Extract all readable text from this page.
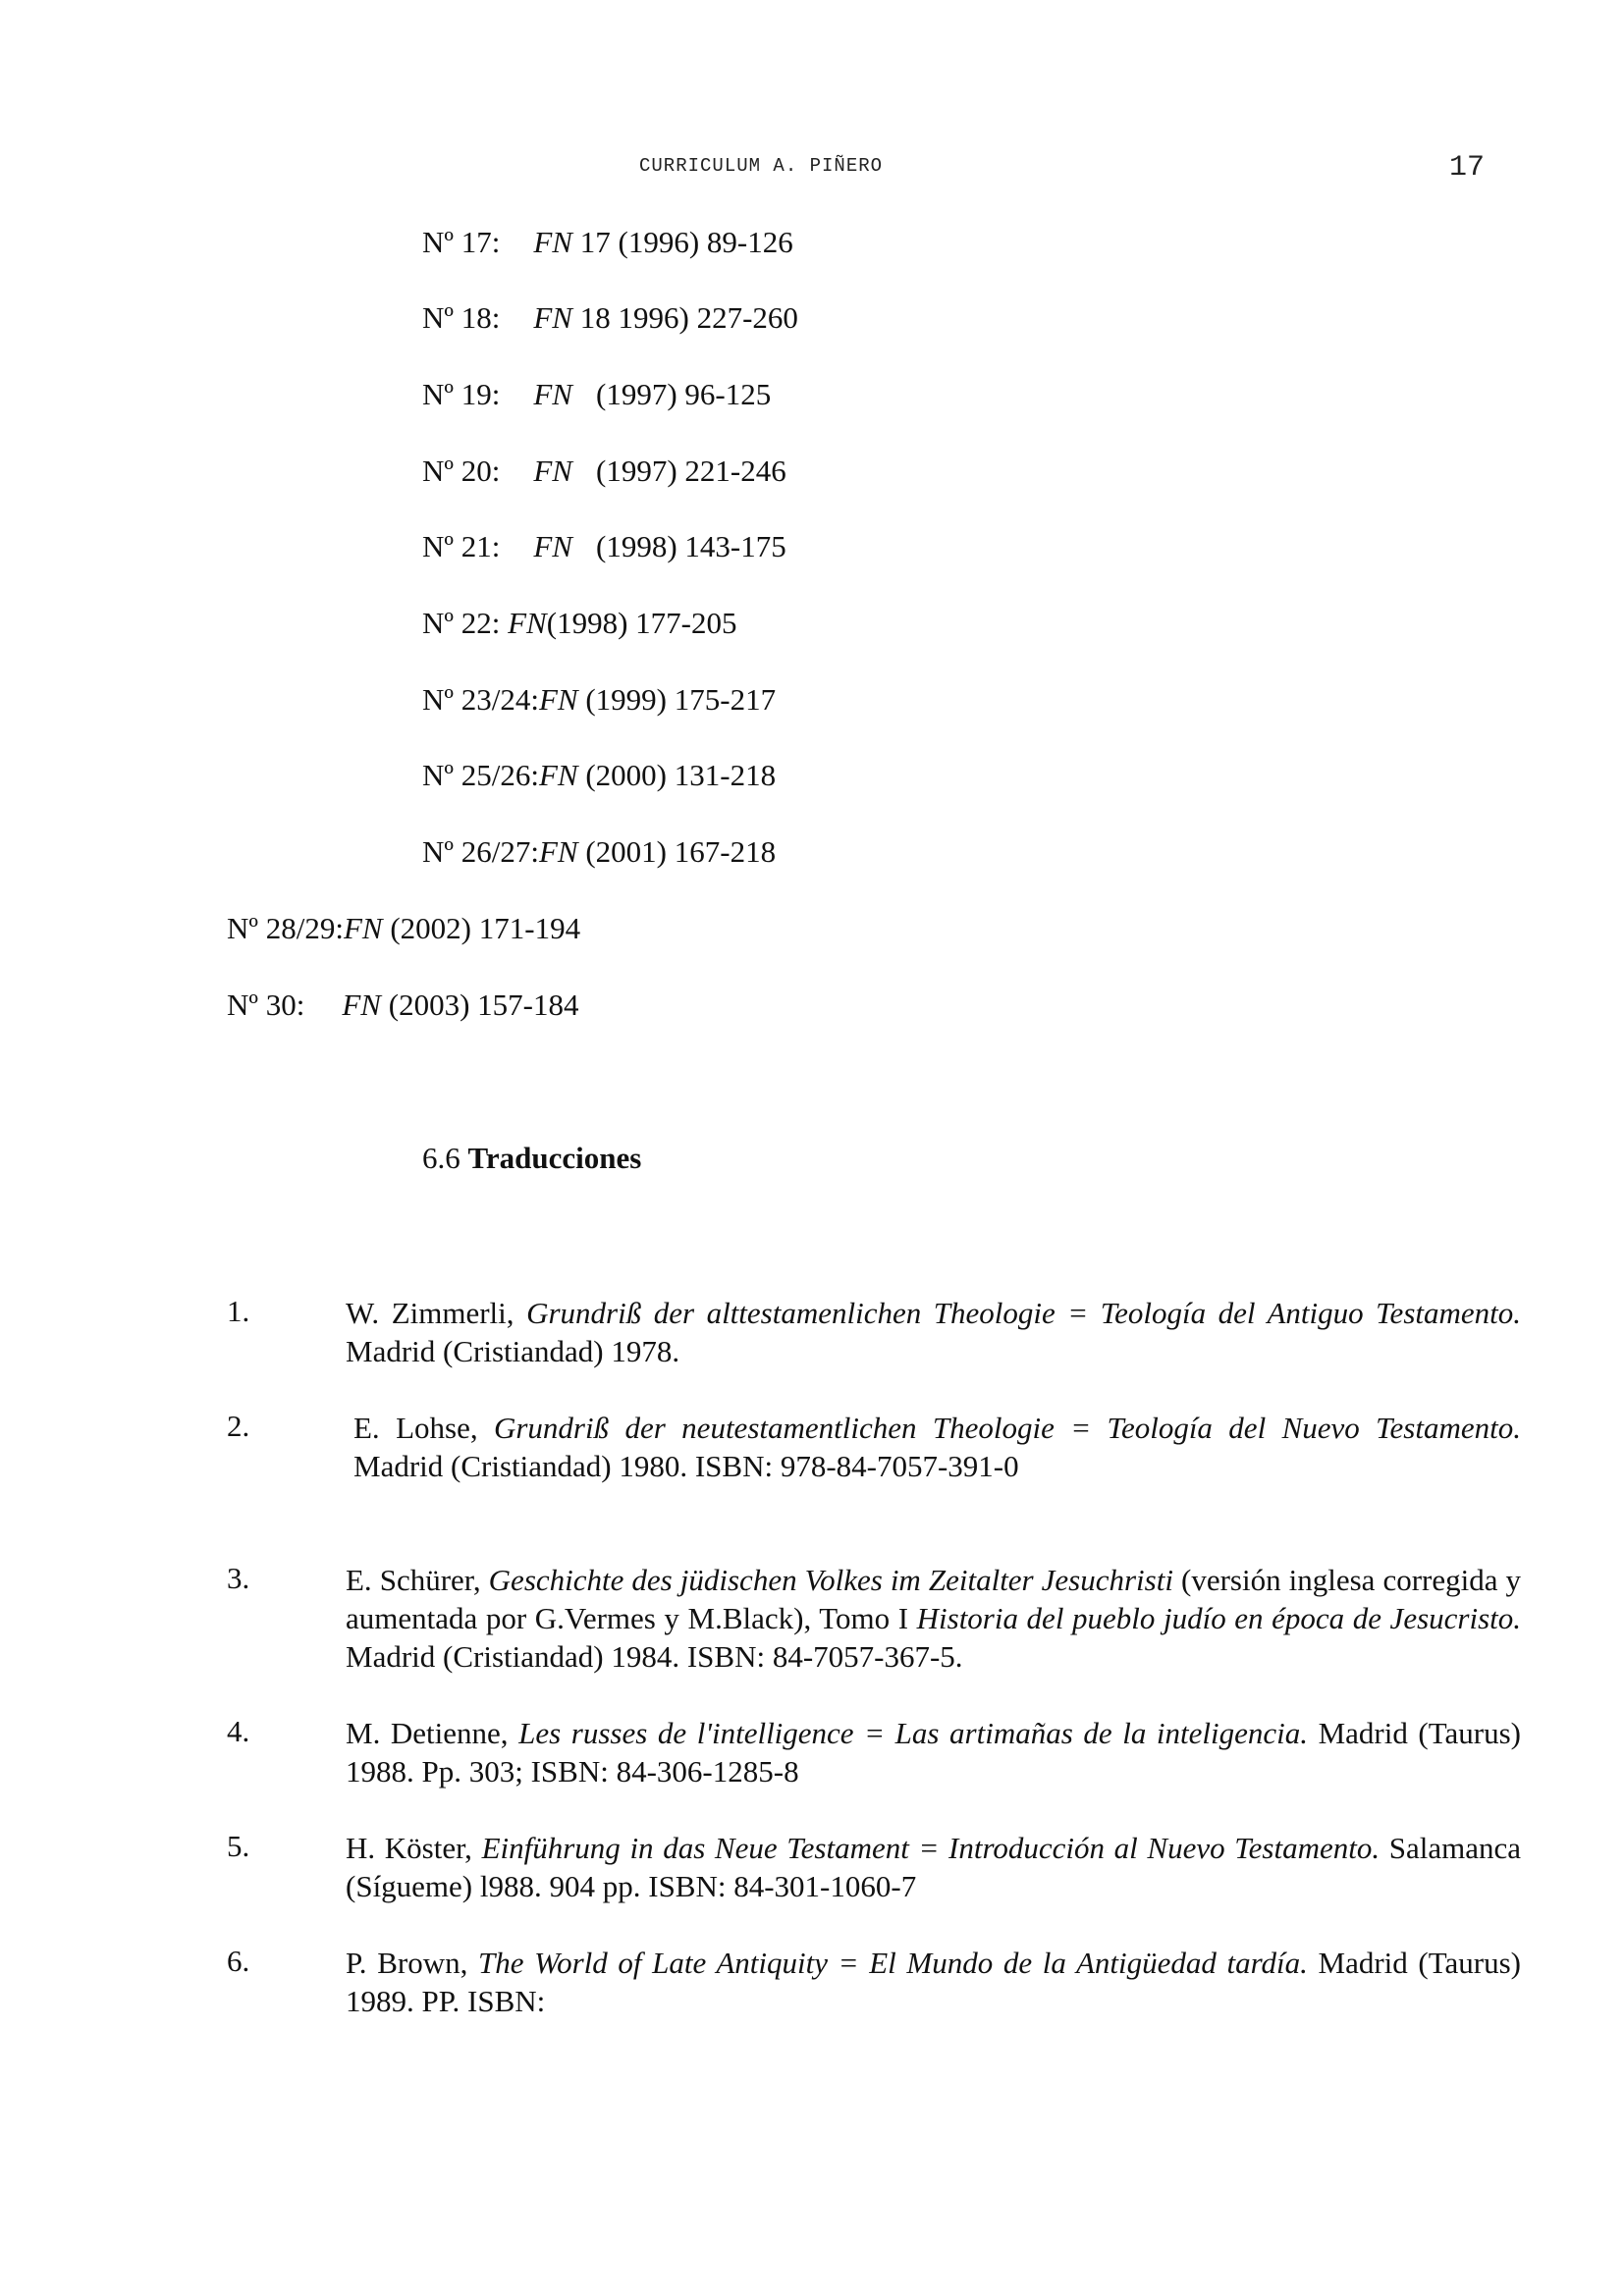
CURRICULUM A. PIÑERO	17
Nº 17: FN 17 (1996) 89-126
Nº 18: FN 18 1996) 227-260
Nº 19: FN (1997) 96-125
Nº 20: FN (1997) 221-246
Nº 21: FN (1998) 143-175
Nº 22: FN(1998) 177-205
Nº 23/24:FN (1999) 175-217
Nº 25/26:FN (2000) 131-218
Nº 26/27:FN (2001) 167-218
Nº 28/29:FN (2002) 171-194
Nº 30: FN (2003) 157-184
6.6 Traducciones
1.	W. Zimmerli, Grundriß der alttestamenlichen Theologie = Teología del Antiguo Testamento. Madrid (Cristiandad) 1978.
2.	E. Lohse, Grundriß der neutestamentlichen Theologie = Teología del Nuevo Testamento. Madrid (Cristiandad) 1980. ISBN: 978-84-7057-391-0
3.	E. Schürer, Geschichte des jüdischen Volkes im Zeitalter Jesuchristi (versión inglesa corregida y aumentada por G.Vermes y M.Black), Tomo I Historia del pueblo judío en época de Jesucristo. Madrid (Cristiandad) 1984. ISBN: 84-7057-367-5.
4.	M. Detienne, Les russes de l'intelligence = Las artimañas de la inteligencia. Madrid (Taurus) 1988. Pp. 303; ISBN: 84-306-1285-8
5.	H. Köster, Einführung in das Neue Testament = Introducción al Nuevo Testamento. Salamanca (Sígueme) l988. 904 pp. ISBN: 84-301-1060-7
6.	P. Brown, The World of Late Antiquity = El Mundo de la Antigüedad tardía. Madrid (Taurus) 1989. PP. ISBN:
